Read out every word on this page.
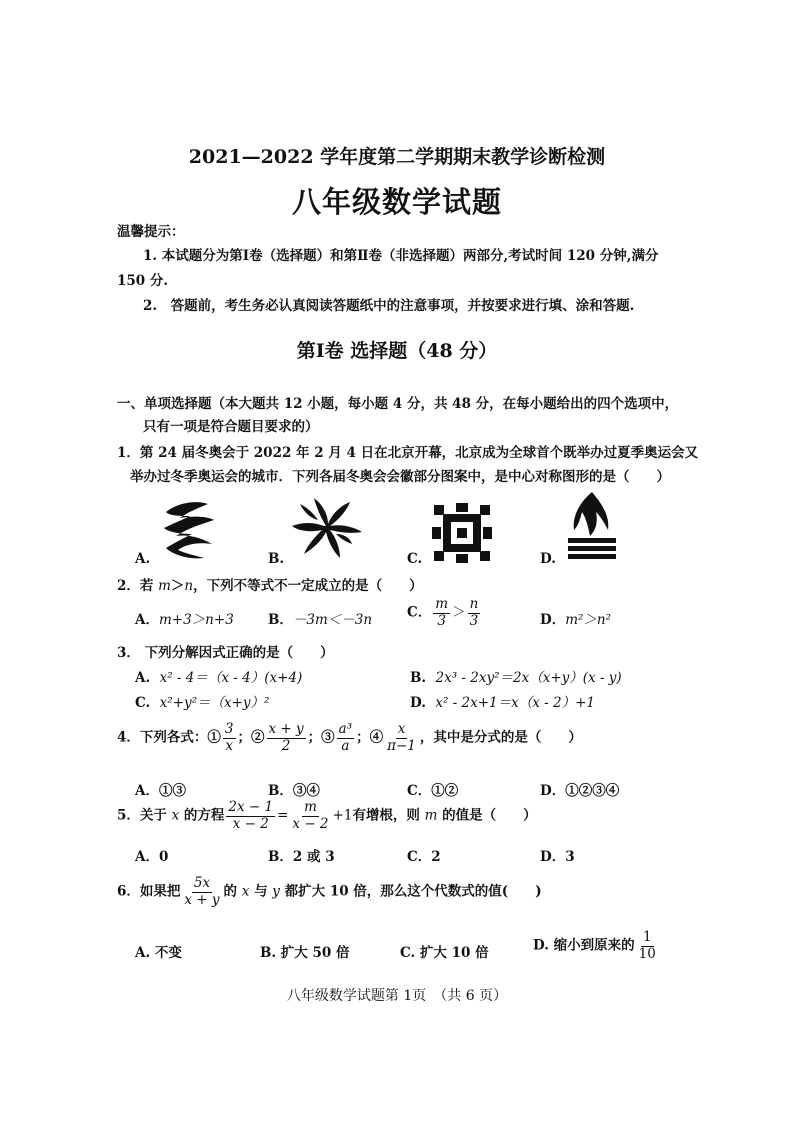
2021—2022 学年度第二学期期末教学诊断检测
八年级数学试题
温馨提示：
1. 本试题分为第Ⅰ卷（选择题）和第Ⅱ卷（非选择题）两部分,考试时间 120 分钟,满分
150 分.
2.　答题前，考生务必认真阅读答题纸中的注意事项，并按要求进行填、涂和答题.
第Ⅰ卷 选择题（48 分）
一、单项选择题（本大题共 12 小题，每小题 4 分，共 48 分，在每小题给出的四个选项中，
只有一项是符合题目要求的）
1．第 24 届冬奥会于 2022 年 2 月 4 日在北京开幕，北京成为全球首个既举办过夏季奥运会又
举办过冬季奥运会的城市．下列各届冬奥会会徽部分图案中，是中心对称图形的是（　　）
A.	B.	C.	D.
2．若 m＞n，下列不等式不一定成立的是（　　）
A．m+3＞n+3	B．－3m＜－3n	C． $\frac{m}{3} > \frac{n}{3}$	D．m²＞n²
3． 下列分解因式正确的是（　　）
A. x² - 4＝（x - 4）(x+4)	B. 2x³ - 2xy²＝2x（x+y）(x - y)
C. x²+y²＝（x+y）²	D. x² - 2x+1＝x（x - 2）+1
4．下列各式：① $\frac{3}{x}$ ；② $\frac{x + y}{2}$ ；③ $\frac{\text{a³}}{a}$ ；④ $\frac{x}{\pi-1}$ ，其中是分式的是（　　）
A．①③	B．③④	C．①②	D．①②③④
5．关于 x 的方程 $\frac{2x - 1}{x - 2} = \frac{m}{x - 2} +1$有增根，则 m 的值是（　　）
A．0	B．2 或 3	C．2	D．3
6．如果把 $\frac{5x}{x + y}$ 的 x 与 y 都扩大 10 倍，那么这个代数式的值(　　)
A. 不变	B. 扩大 50 倍	C. 扩大 10 倍	D. 缩小到原来的 $\frac{1}{10}$
八年级数学试题第 1页　（共 6 页）
